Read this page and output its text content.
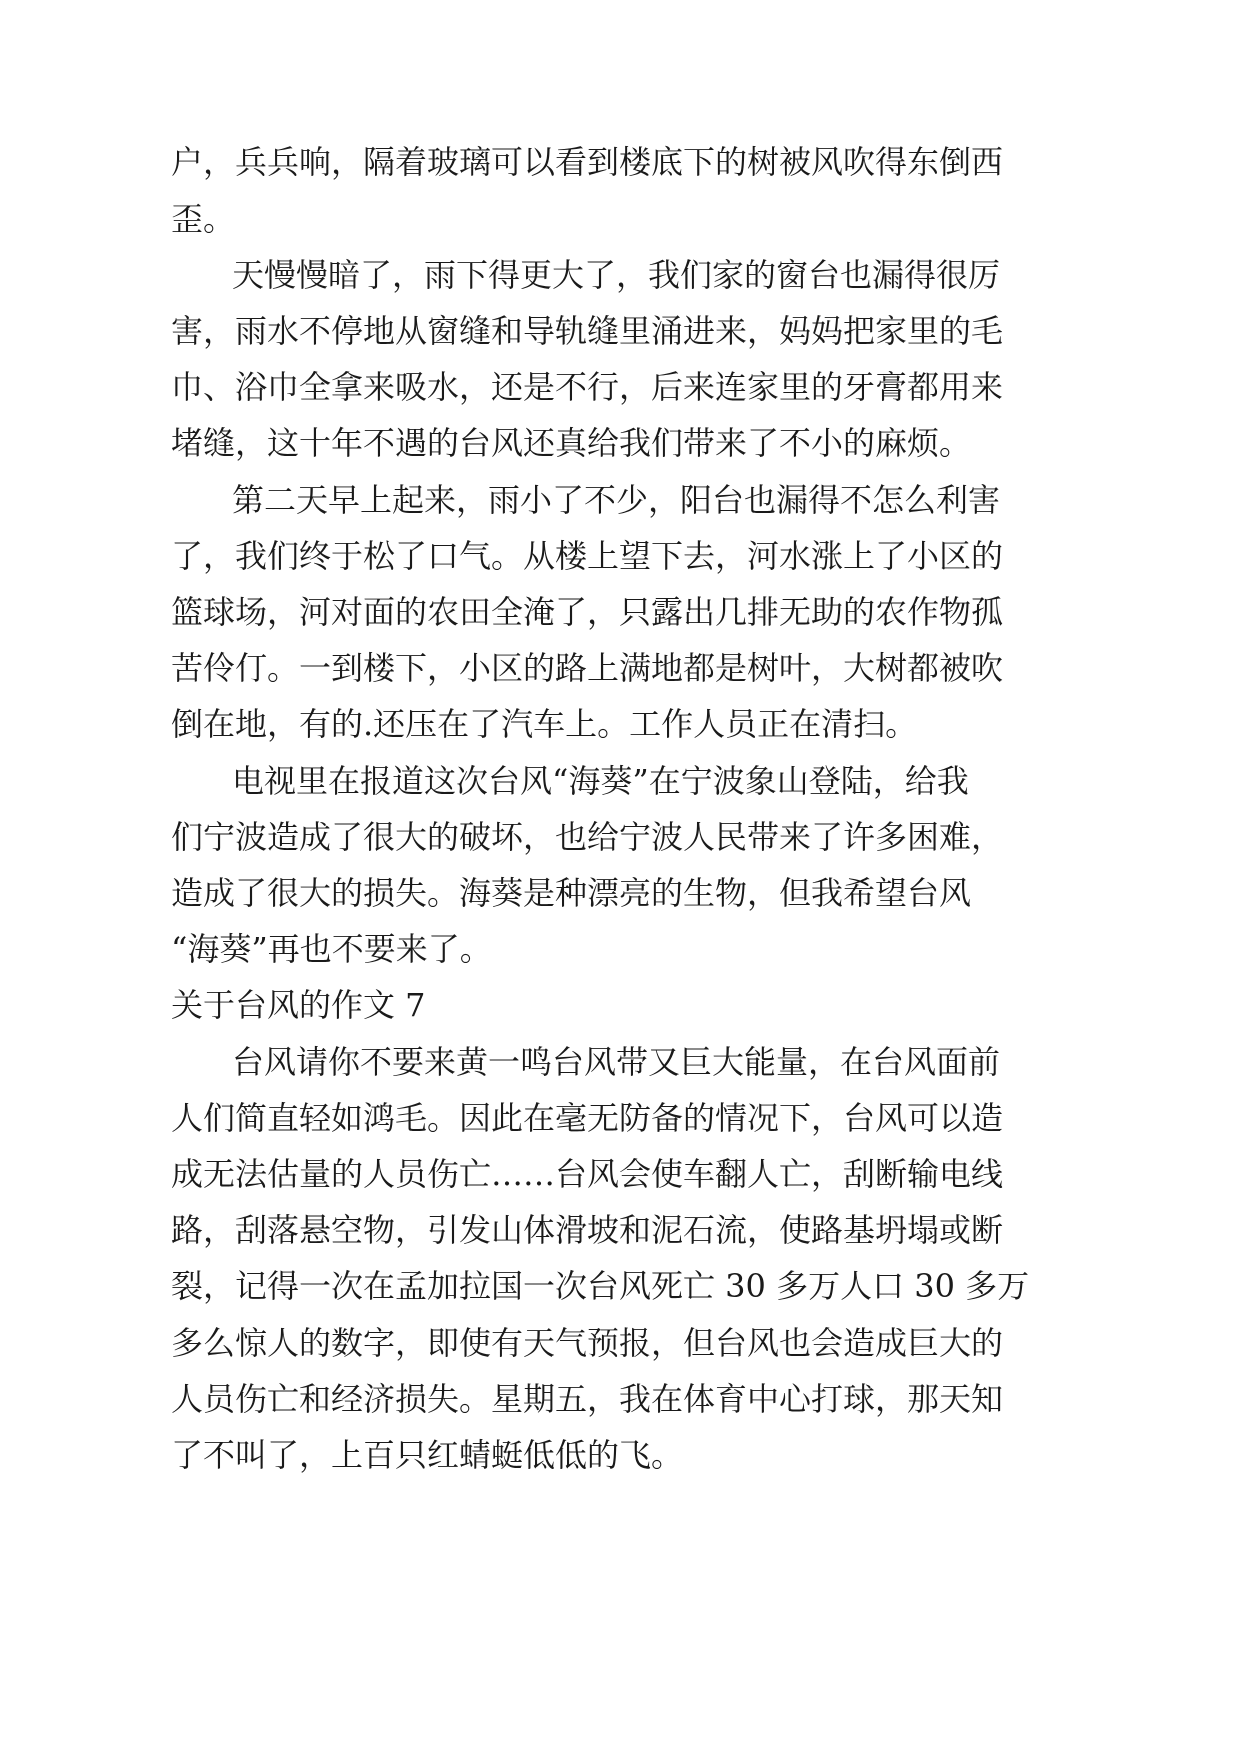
户，兵兵响，隔着玻璃可以看到楼底下的树被风吹得东倒西

歪。

天慢慢暗了，雨下得更大了，我们家的窗台也漏得很厉

害，雨水不停地从窗缝和导轨缝里涌进来，妈妈把家里的毛

巾、浴巾全拿来吸水，还是不行，后来连家里的牙膏都用来

堵缝，这十年不遇的台风还真给我们带来了不小的麻烦。

第二天早上起来，雨小了不少，阳台也漏得不怎么利害

了，我们终于松了口气。从楼上望下去，河水涨上了小区的

篮球场，河对面的农田全淹了，只露出几排无助的农作物孤

苦伶仃。一到楼下，小区的路上满地都是树叶，大树都被吹

倒在地，有的.还压在了汽车上。工作人员正在清扫。

电视里在报道这次台风“海葵”在宁波象山登陆，给我

们宁波造成了很大的破坏，也给宁波人民带来了许多困难，

造成了很大的损失。海葵是种漂亮的生物，但我希望台风

“海葵”再也不要来了。

关于台风的作文 7

台风请你不要来黄一鸣台风带又巨大能量，在台风面前

人们简直轻如鸿毛。因此在毫无防备的情况下，台风可以造

成无法估量的人员伤亡……台风会使车翻人亡，刮断输电线

路，刮落悬空物，引发山体滑坡和泥石流，使路基坍塌或断

裂，记得一次在孟加拉国一次台风死亡 30 多万人口 30 多万

多么惊人的数字，即使有天气预报，但台风也会造成巨大的

人员伤亡和经济损失。星期五，我在体育中心打球，那天知

了不叫了，上百只红蜻蜓低低的飞。
